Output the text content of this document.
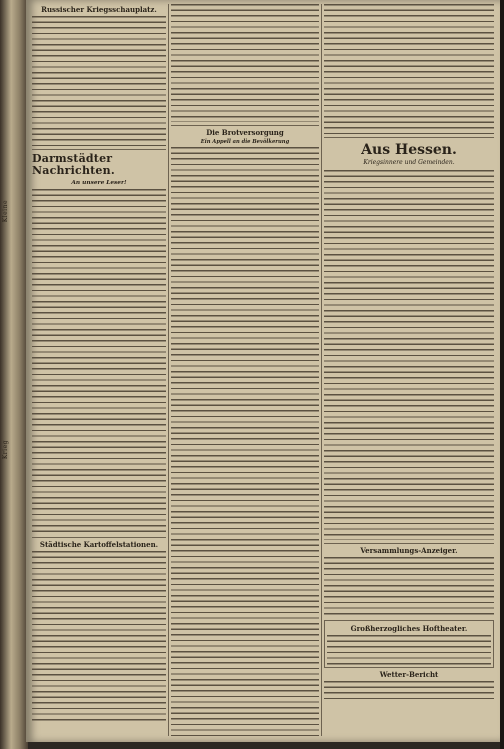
Kleine
Krieg
Russischer Kriegsschauplatz.
Darmstädter Nachrichten.
An unsere Leser!
Städtische Kartoffelstationen.
Die Brotversorgung
Ein Appell an die Bevölkerung	Aus Hessen.
Kriegsinnere und Gemeinden.
Versammlungs-Anzeiger.
Großherzogliches Hoftheater.
Wetter-Bericht
